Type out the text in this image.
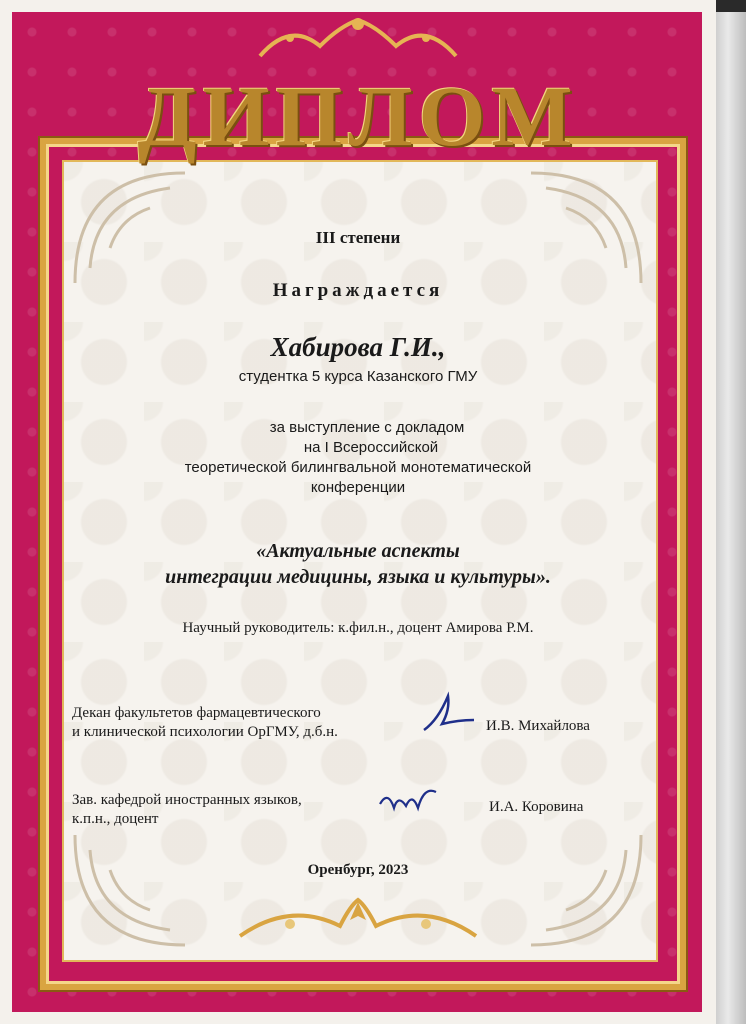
ДИПЛОМ
III степени
Награждается
Хабирова Г.И.,
студентка 5 курса Казанского ГМУ
за выступление с докладом
на I Всероссийской
теоретической билингвальной монотематической
конференции
«Актуальные аспекты
интеграции медицины, языка и культуры».
Научный руководитель: к.фил.н., доцент Амирова Р.М.
Декан факультетов фармацевтического
и клинической психологии ОрГМУ, д.б.н.	И.В. Михайлова
Зав. кафедрой иностранных языков,
к.п.н., доцент
И.А. Коровина
Оренбург, 2023
